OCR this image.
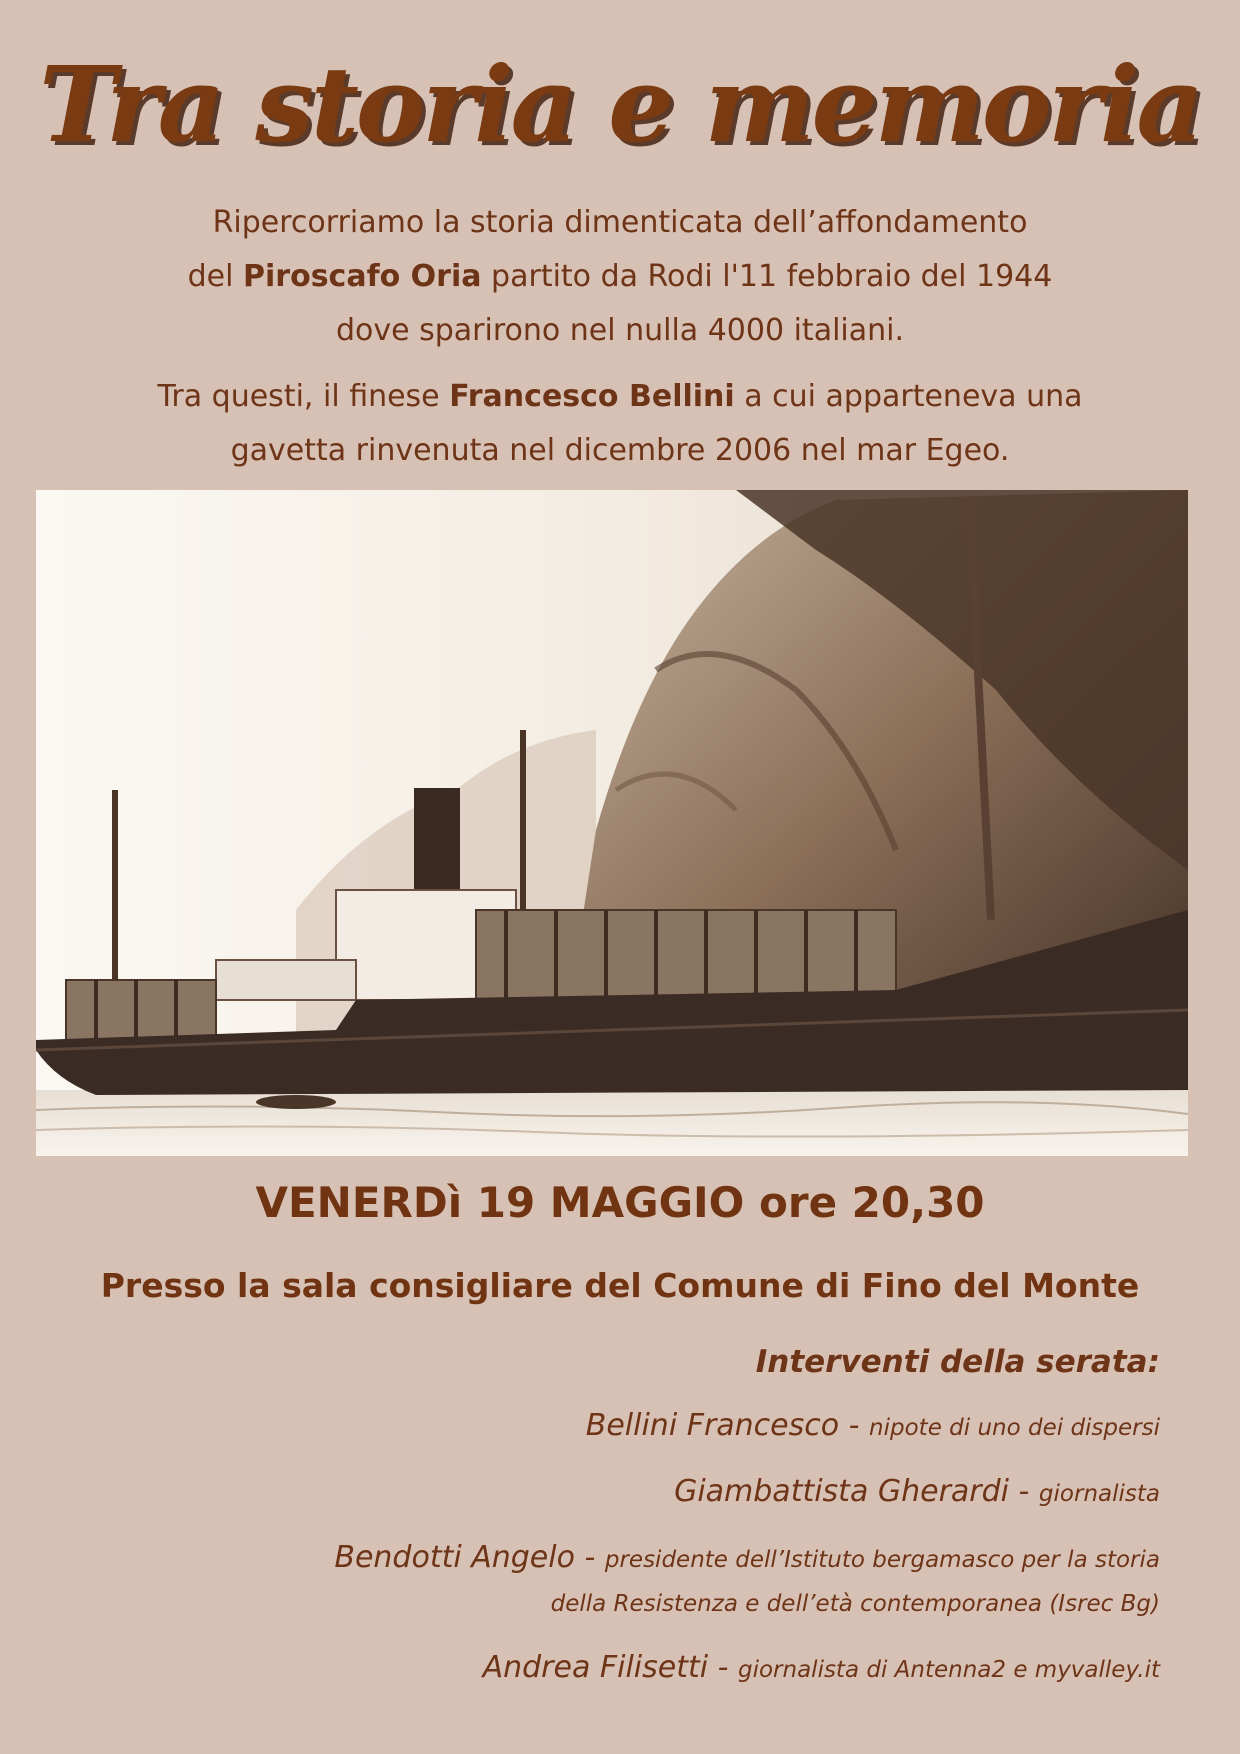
Tra storia e memoria

Ripercorriamo la storia dimenticata dell’affondamento
del Piroscafo Oria partito da Rodi l'11 febbraio del 1944
dove sparirono nel nulla 4000 italiani.

Tra questi, il finese Francesco Bellini a cui apparteneva una
gavetta rinvenuta nel dicembre 2006 nel mar Egeo.

VENERDì 19 MAGGIO ore 20,30
Presso la sala consigliare del Comune di Fino del Monte
Interventi della serata:
Bellini Francesco - nipote di uno dei dispersi
Giambattista Gherardi - giornalista
Bendotti Angelo - presidente dell’Istituto bergamasco per la storia
della Resistenza e dell’età contemporanea (Isrec Bg)
Andrea Filisetti - giornalista di Antenna2 e myvalley.it
